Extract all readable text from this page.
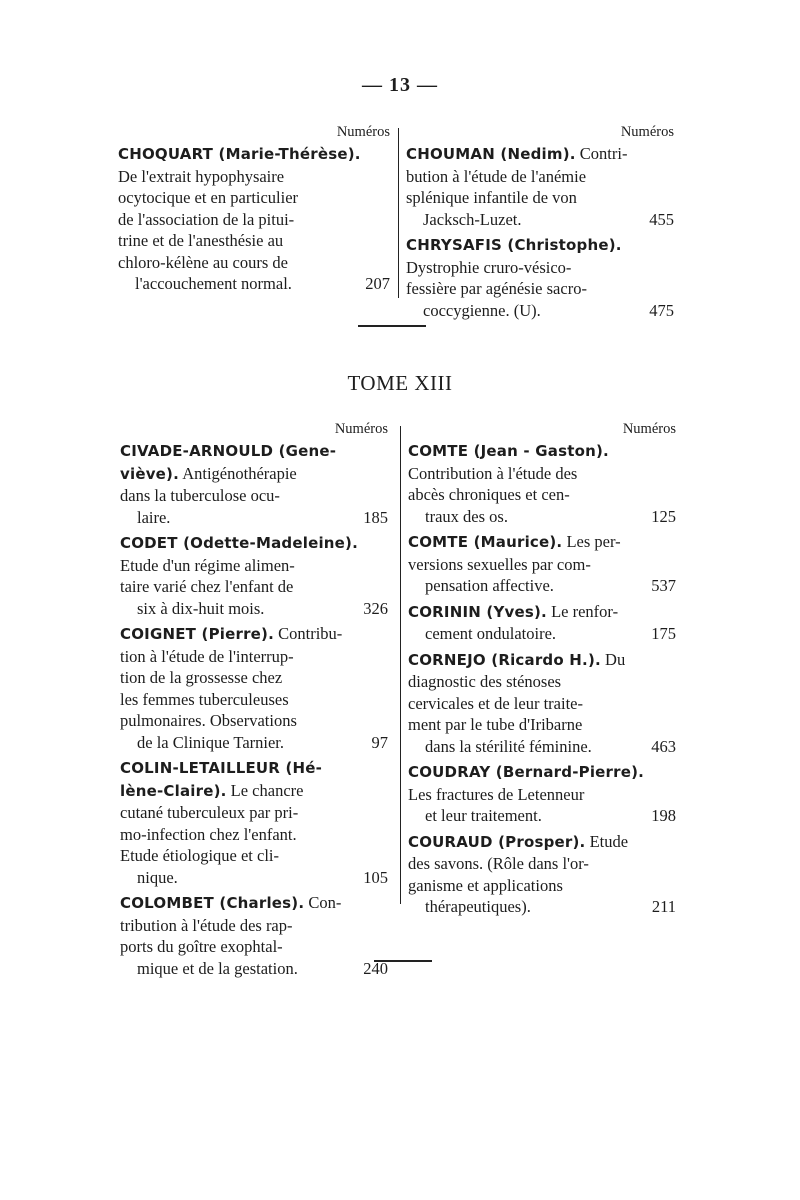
— 13 —
Numéros
CHOQUART (Marie-Thérèse).
De l'extrait hypophysaire
ocytocique et en particulier
de l'association de la pitui-
trine et de l'anesthésie au
chloro-kélène au cours de
l'accouchement normal.	207
Numéros
CHOUMAN (Nedim). Contri-
bution à l'étude de l'anémie
splénique infantile de von
Jacksch-Luzet.	455
CHRYSAFIS (Christophe).
Dystrophie cruro-vésico-
fessière par agénésie sacro-
coccygienne. (U).	475
TOME XIII
Numéros
CIVADE-ARNOULD (Gene-
viève). Antigénothérapie
dans la tuberculose ocu-
laire.	185
CODET (Odette-Madeleine).
Etude d'un régime alimen-
taire varié chez l'enfant de
six à dix-huit mois.	326
COIGNET (Pierre). Contribu-
tion à l'étude de l'interrup-
tion de la grossesse chez
les femmes tuberculeuses
pulmonaires. Observations
de la Clinique Tarnier.	97
COLIN-LETAILLEUR (Hé-
lène-Claire). Le chancre
cutané tuberculeux par pri-
mo-infection chez l'enfant.
Etude étiologique et cli-
nique.	105
COLOMBET (Charles). Con-
tribution à l'étude des rap-
ports du goître exophtal-
mique et de la gestation.	240
Numéros
COMTE (Jean - Gaston).
Contribution à l'étude des
abcès chroniques et cen-
traux des os.	125
COMTE (Maurice). Les per-
versions sexuelles par com-
pensation affective.	537
CORININ (Yves). Le renfor-
cement ondulatoire.	175
CORNEJO (Ricardo H.). Du
diagnostic des sténoses
cervicales et de leur traite-
ment par le tube d'Iribarne
dans la stérilité féminine.	463
COUDRAY (Bernard-Pierre).
Les fractures de Letenneur
et leur traitement.	198
COURAUD (Prosper). Etude
des savons. (Rôle dans l'or-
ganisme et applications
thérapeutiques).	211
